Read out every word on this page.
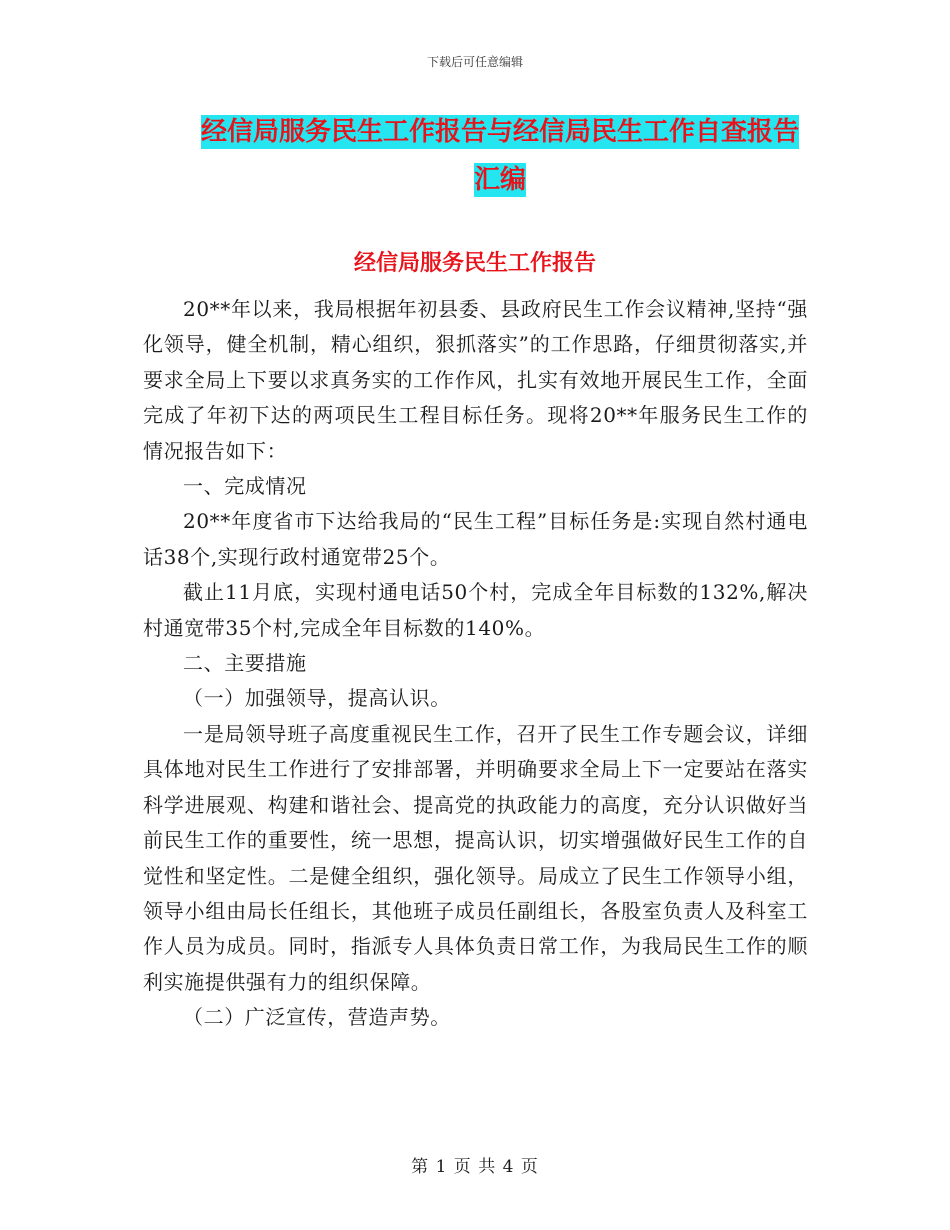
下载后可任意编辑
经信局服务民生工作报告与经信局民生工作自查报告
汇编
经信局服务民生工作报告

20**年以来，我局根据年初县委、县政府民生工作会议精神,坚持“强化领导，健全机制，精心组织，狠抓落实”的工作思路，仔细贯彻落实,并要求全局上下要以求真务实的工作作风，扎实有效地开展民生工作，全面完成了年初下达的两项民生工程目标任务。现将20**年服务民生工作的情况报告如下：

一、完成情况

20**年度省市下达给我局的“民生工程”目标任务是:实现自然村通电话38个,实现行政村通宽带25个。

截止11月底，实现村通电话50个村，完成全年目标数的132%,解决村通宽带35个村,完成全年目标数的140%。

二、主要措施

（一）加强领导，提高认识。

一是局领导班子高度重视民生工作，召开了民生工作专题会议，详细具体地对民生工作进行了安排部署，并明确要求全局上下一定要站在落实科学进展观、构建和谐社会、提高党的执政能力的高度，充分认识做好当前民生工作的重要性，统一思想，提高认识，切实增强做好民生工作的自觉性和坚定性。二是健全组织，强化领导。局成立了民生工作领导小组，领导小组由局长任组长，其他班子成员任副组长，各股室负责人及科室工作人员为成员。同时，指派专人具体负责日常工作，为我局民生工作的顺利实施提供强有力的组织保障。

（二）广泛宣传，营造声势。

第 1 页 共 4 页
